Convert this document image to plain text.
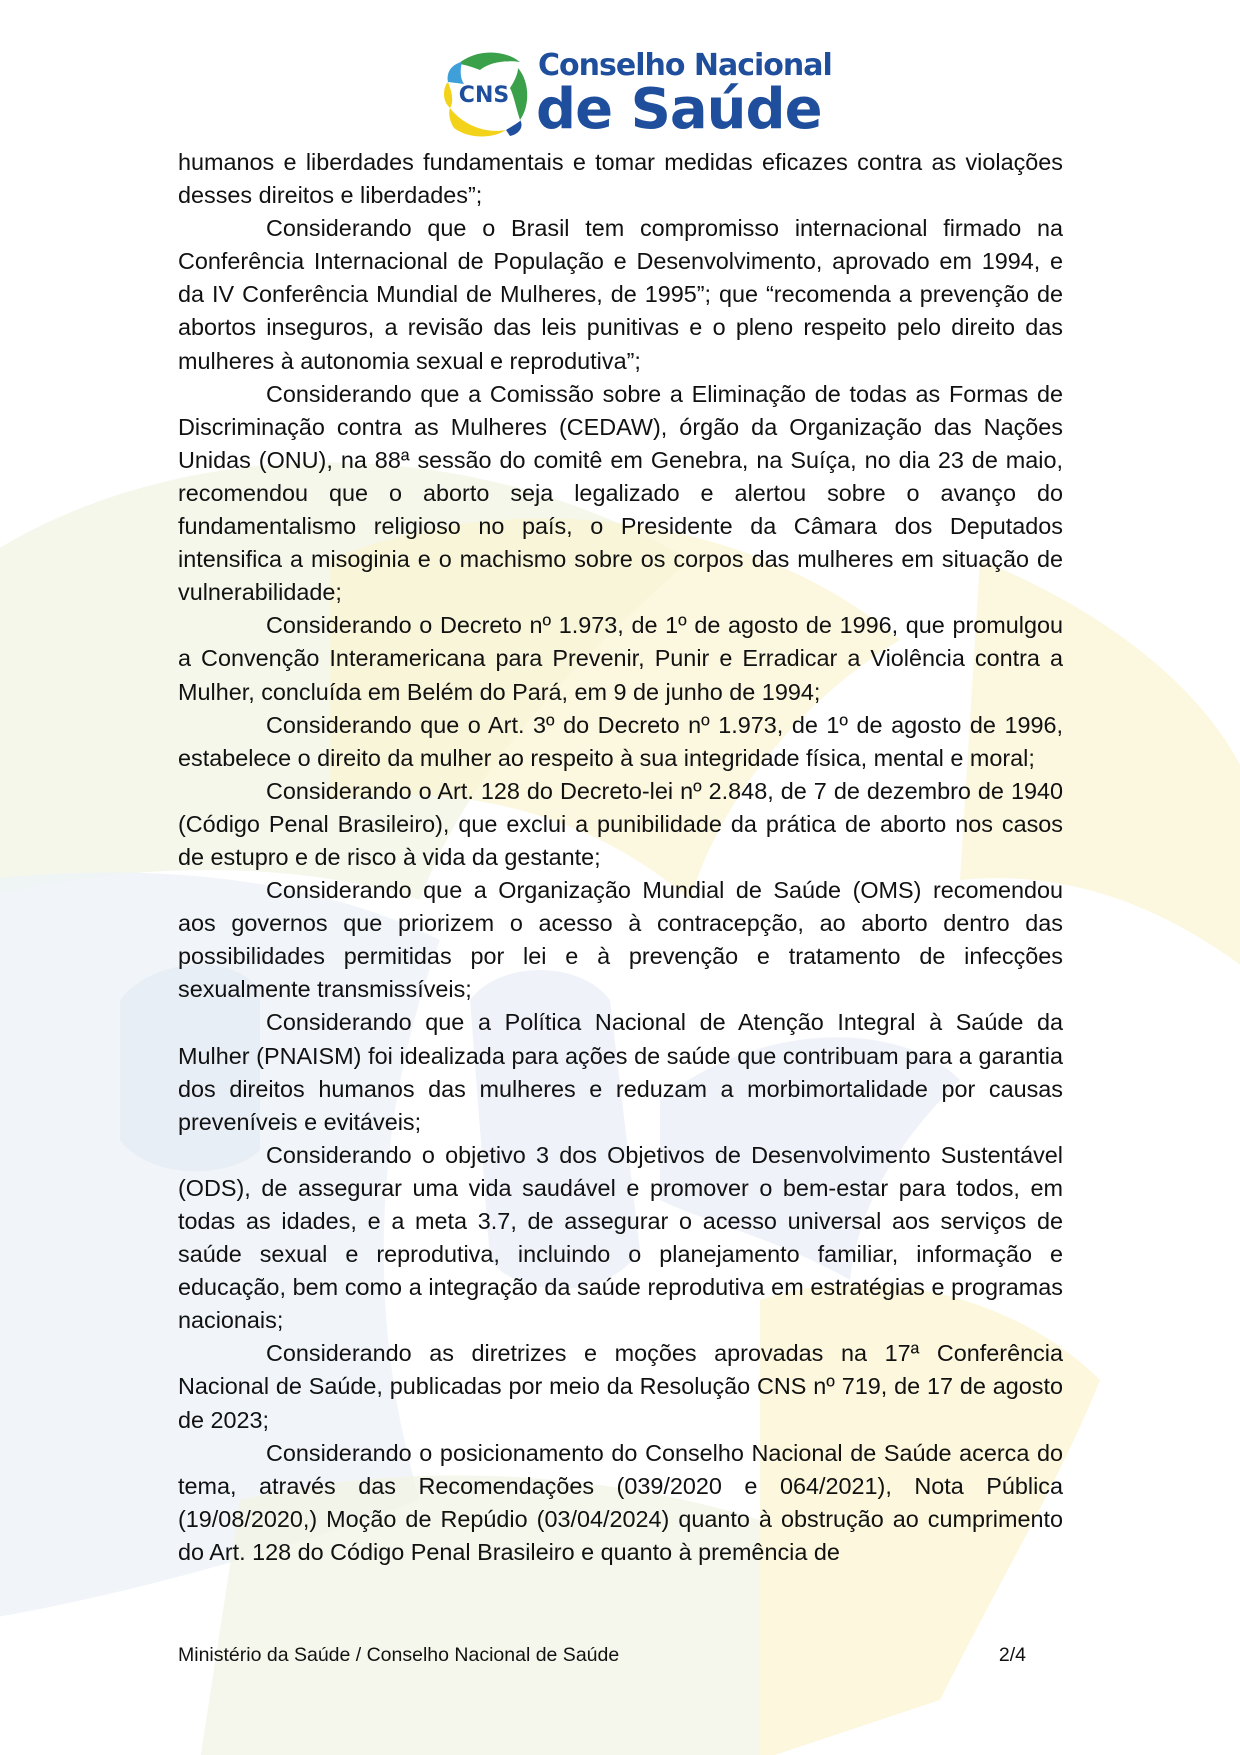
CNS
Conselho Nacional
de Saúde

humanos e liberdades fundamentais e tomar medidas eficazes contra as violações desses direitos e liberdades”;

Considerando que o Brasil tem compromisso internacional firmado na Conferência Internacional de População e Desenvolvimento, aprovado em 1994, e da IV Conferência Mundial de Mulheres, de 1995”; que “recomenda a prevenção de abortos inseguros, a revisão das leis punitivas e o pleno respeito pelo direito das mulheres à autonomia sexual e reprodutiva”;

Considerando que a Comissão sobre a Eliminação de todas as Formas de Discriminação contra as Mulheres (CEDAW), órgão da Organização das Nações Unidas (ONU), na 88ª sessão do comitê em Genebra, na Suíça, no dia 23 de maio, recomendou que o aborto seja legalizado e alertou sobre o avanço do fundamentalismo religioso no país, o Presidente da Câmara dos Deputados intensifica a misoginia e o machismo sobre os corpos das mulheres em situação de vulnerabilidade;

Considerando o Decreto nº 1.973, de 1º de agosto de 1996, que promulgou a Convenção Interamericana para Prevenir, Punir e Erradicar a Violência contra a Mulher, concluída em Belém do Pará, em 9 de junho de 1994;

Considerando que o Art. 3º do Decreto nº 1.973, de 1º de agosto de 1996, estabelece o direito da mulher ao respeito à sua integridade física, mental e moral;

Considerando o Art. 128 do Decreto-lei nº 2.848, de 7 de dezembro de 1940 (Código Penal Brasileiro), que exclui a punibilidade da prática de aborto nos casos de estupro e de risco à vida da gestante;

Considerando que a Organização Mundial de Saúde (OMS) recomendou aos governos que priorizem o acesso à contracepção, ao aborto dentro das possibilidades permitidas por lei e à prevenção e tratamento de infecções sexualmente transmissíveis;

Considerando que a Política Nacional de Atenção Integral à Saúde da Mulher (PNAISM) foi idealizada para ações de saúde que contribuam para a garantia dos direitos humanos das mulheres e reduzam a morbimortalidade por causas preveníveis e evitáveis;

Considerando o objetivo 3 dos Objetivos de Desenvolvimento Sustentável (ODS), de assegurar uma vida saudável e promover o bem-estar para todos, em todas as idades, e a meta 3.7, de assegurar o acesso universal aos serviços de saúde sexual e reprodutiva, incluindo o planejamento familiar, informação e educação, bem como a integração da saúde reprodutiva em estratégias e programas nacionais;

Considerando as diretrizes e moções aprovadas na 17ª Conferência Nacional de Saúde, publicadas por meio da Resolução CNS nº 719, de 17 de agosto de 2023;

Considerando o posicionamento do Conselho Nacional de Saúde acerca do tema, através das Recomendações (039/2020 e 064/2021), Nota Pública (19/08/2020,) Moção de Repúdio (03/04/2024) quanto à obstrução ao cumprimento do Art. 128 do Código Penal Brasileiro e quanto à premência de

Ministério da Saúde / Conselho Nacional de Saúde	2/4
